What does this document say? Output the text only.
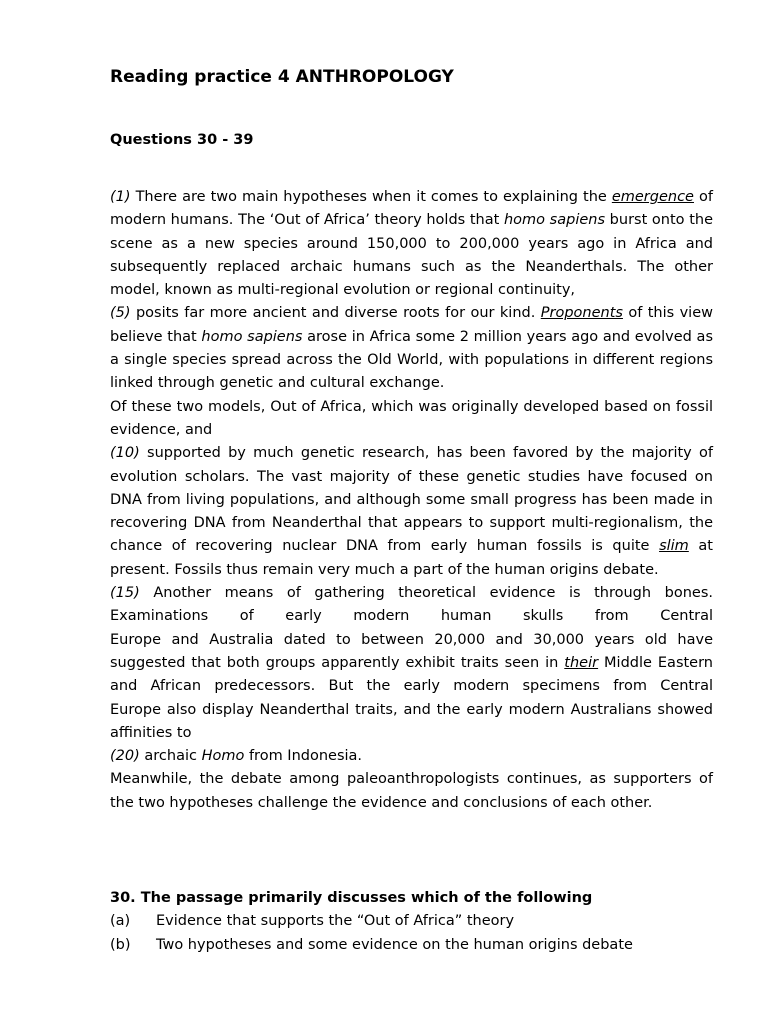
Reading practice 4 ANTHROPOLOGY
Questions 30 - 39

(1) There are two main hypotheses when it comes to explaining the emergence of modern humans. The ‘Out of Africa’ theory holds that homo sapiens burst onto the scene as a new species around 150,000 to 200,000 years ago in Africa and subsequently replaced archaic humans such as the Neanderthals. The other model, known as multi-regional evolution or regional continuity,

(5) posits far more ancient and diverse roots for our kind. Proponents of this view believe that homo sapiens arose in Africa some 2 million years ago and evolved as a single species spread across the Old World, with populations in different regions linked through genetic and cultural exchange.

Of these two models, Out of Africa, which was originally developed based on fossil evidence, and

(10) supported by much genetic research, has been favored by the majority of evolution scholars. The vast majority of these genetic studies have focused on DNA from living populations, and although some small progress has been made in recovering DNA from Neanderthal that appears to support multi-regionalism, the chance of recovering nuclear DNA from early human fossils is quite slim at present. Fossils thus remain very much a part of the human origins debate.

(15) Another means of gathering theoretical evidence is through bones. Examinations of early modern human skulls from Central Europe and Australia dated to between 20,000 and 30,000 years old have suggested that both groups apparently exhibit traits seen in their Middle Eastern and African predecessors. But the early modern specimens from Central Europe also display Neanderthal traits, and the early modern Australians showed affinities to

(20) archaic Homo from Indonesia.

Meanwhile, the debate among paleoanthropologists continues, as supporters of the two hypotheses challenge the evidence and conclusions of each other.

30. The passage primarily discusses which of the following

(a)	Evidence that supports the “Out of Africa” theory
(b)	Two hypotheses and some evidence on the human origins debate
